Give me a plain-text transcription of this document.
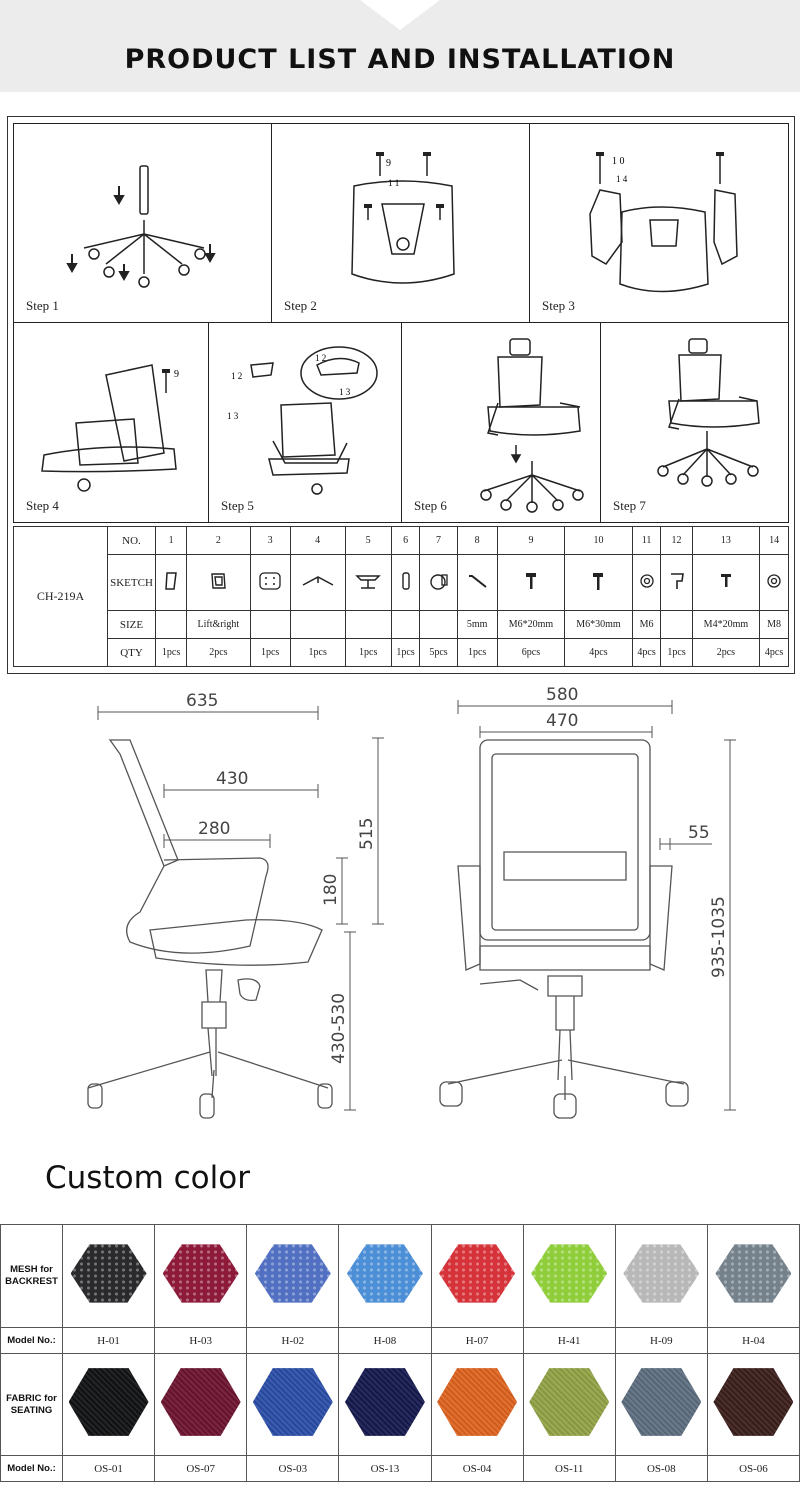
PRODUCT LIST AND INSTALLATION
Step 1
9
1 1
Step 2
1 0
1 4
Step 3
9
Step 4
1 2
1 3
1 2
1 3
Step 5	Step 6	Step 7
CH-219A	NO.	1	2	3	4	5	6	7	8	9	10	11	12	13	14
	SKETCH														
	SIZE		Lift&right						5mm	M6*20mm	M6*30mm	M6		M4*20mm	M8
	QTY	1pcs	2pcs	1pcs	1pcs	1pcs	1pcs	5pcs	1pcs	6pcs	4pcs	4pcs	1pcs	2pcs	4pcs
635
430
280	515
180
430-530
580
470
55
935-1035
Custom color
MESH for BACKREST								
Model No.:	H-01	H-03	H-02	H-08	H-07	H-41	H-09	H-04
FABRIC for SEATING								
Model No.:	OS-01	OS-07	OS-03	OS-13	OS-04	OS-11	OS-08	OS-06
